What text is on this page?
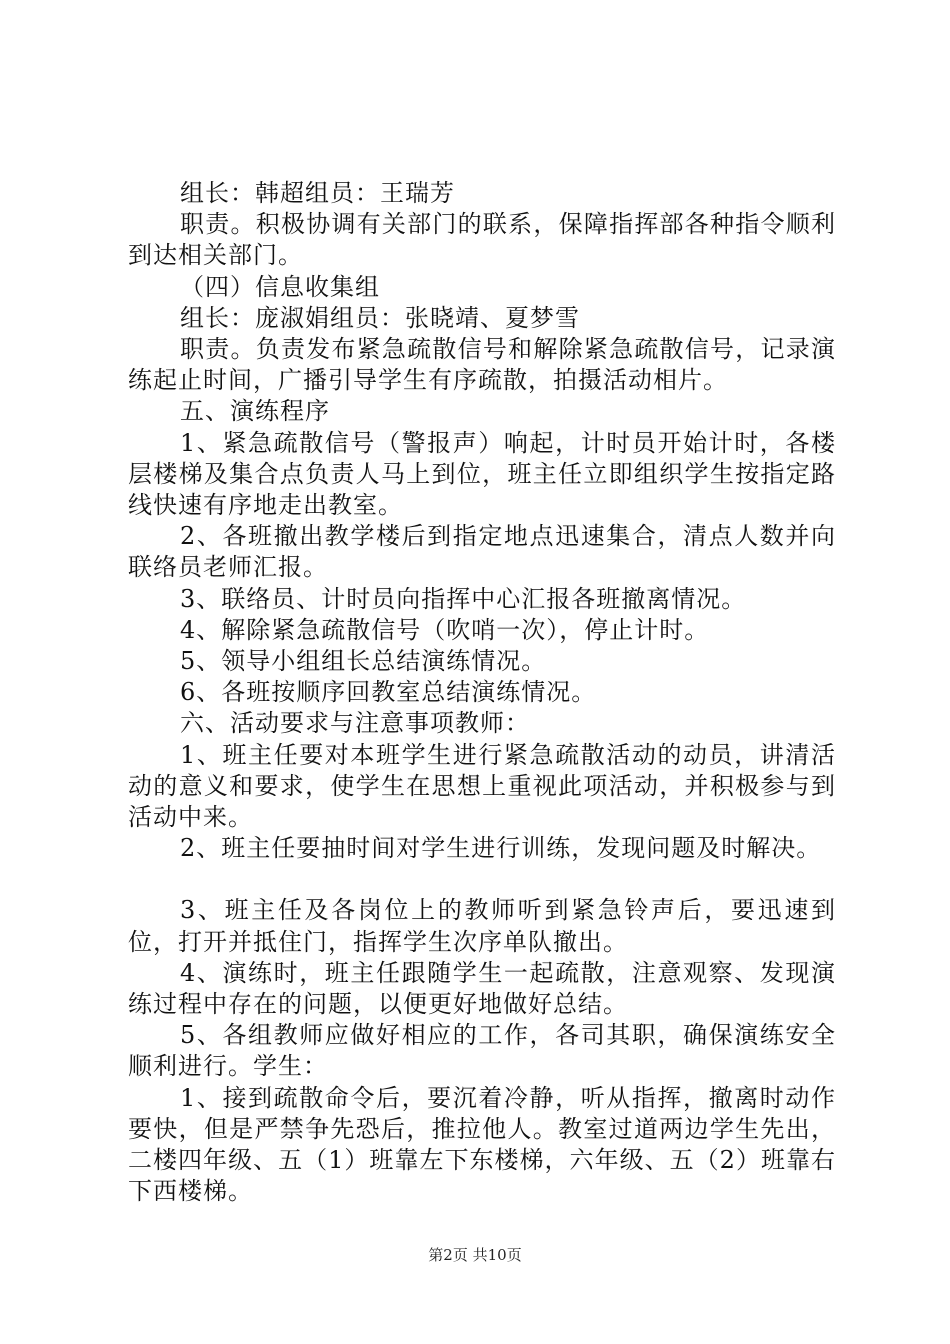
组长：韩超组员：王瑞芳

职责。积极协调有关部门的联系，保障指挥部各种指令顺利到达相关部门。

（四）信息收集组

组长：庞淑娟组员：张晓靖、夏梦雪

职责。负责发布紧急疏散信号和解除紧急疏散信号，记录演练起止时间，广播引导学生有序疏散，拍摄活动相片。

五、演练程序

1、紧急疏散信号（警报声）响起，计时员开始计时，各楼层楼梯及集合点负责人马上到位，班主任立即组织学生按指定路线快速有序地走出教室。

2、各班撤出教学楼后到指定地点迅速集合，清点人数并向联络员老师汇报。

3、联络员、计时员向指挥中心汇报各班撤离情况。

4、解除紧急疏散信号（吹哨一次），停止计时。

5、领导小组组长总结演练情况。

6、各班按顺序回教室总结演练情况。

六、活动要求与注意事项教师：

1、班主任要对本班学生进行紧急疏散活动的动员，讲清活动的意义和要求，使学生在思想上重视此项活动，并积极参与到活动中来。

2、班主任要抽时间对学生进行训练，发现问题及时解决。

3、班主任及各岗位上的教师听到紧急铃声后，要迅速到位，打开并抵住门，指挥学生次序单队撤出。

4、演练时，班主任跟随学生一起疏散，注意观察、发现演练过程中存在的问题，以便更好地做好总结。

5、各组教师应做好相应的工作，各司其职，确保演练安全顺利进行。学生：

1、接到疏散命令后，要沉着冷静，听从指挥，撤离时动作要快，但是严禁争先恐后，推拉他人。教室过道两边学生先出，二楼四年级、五（1）班靠左下东楼梯，六年级、五（2）班靠右下西楼梯。

第2页 共10页
